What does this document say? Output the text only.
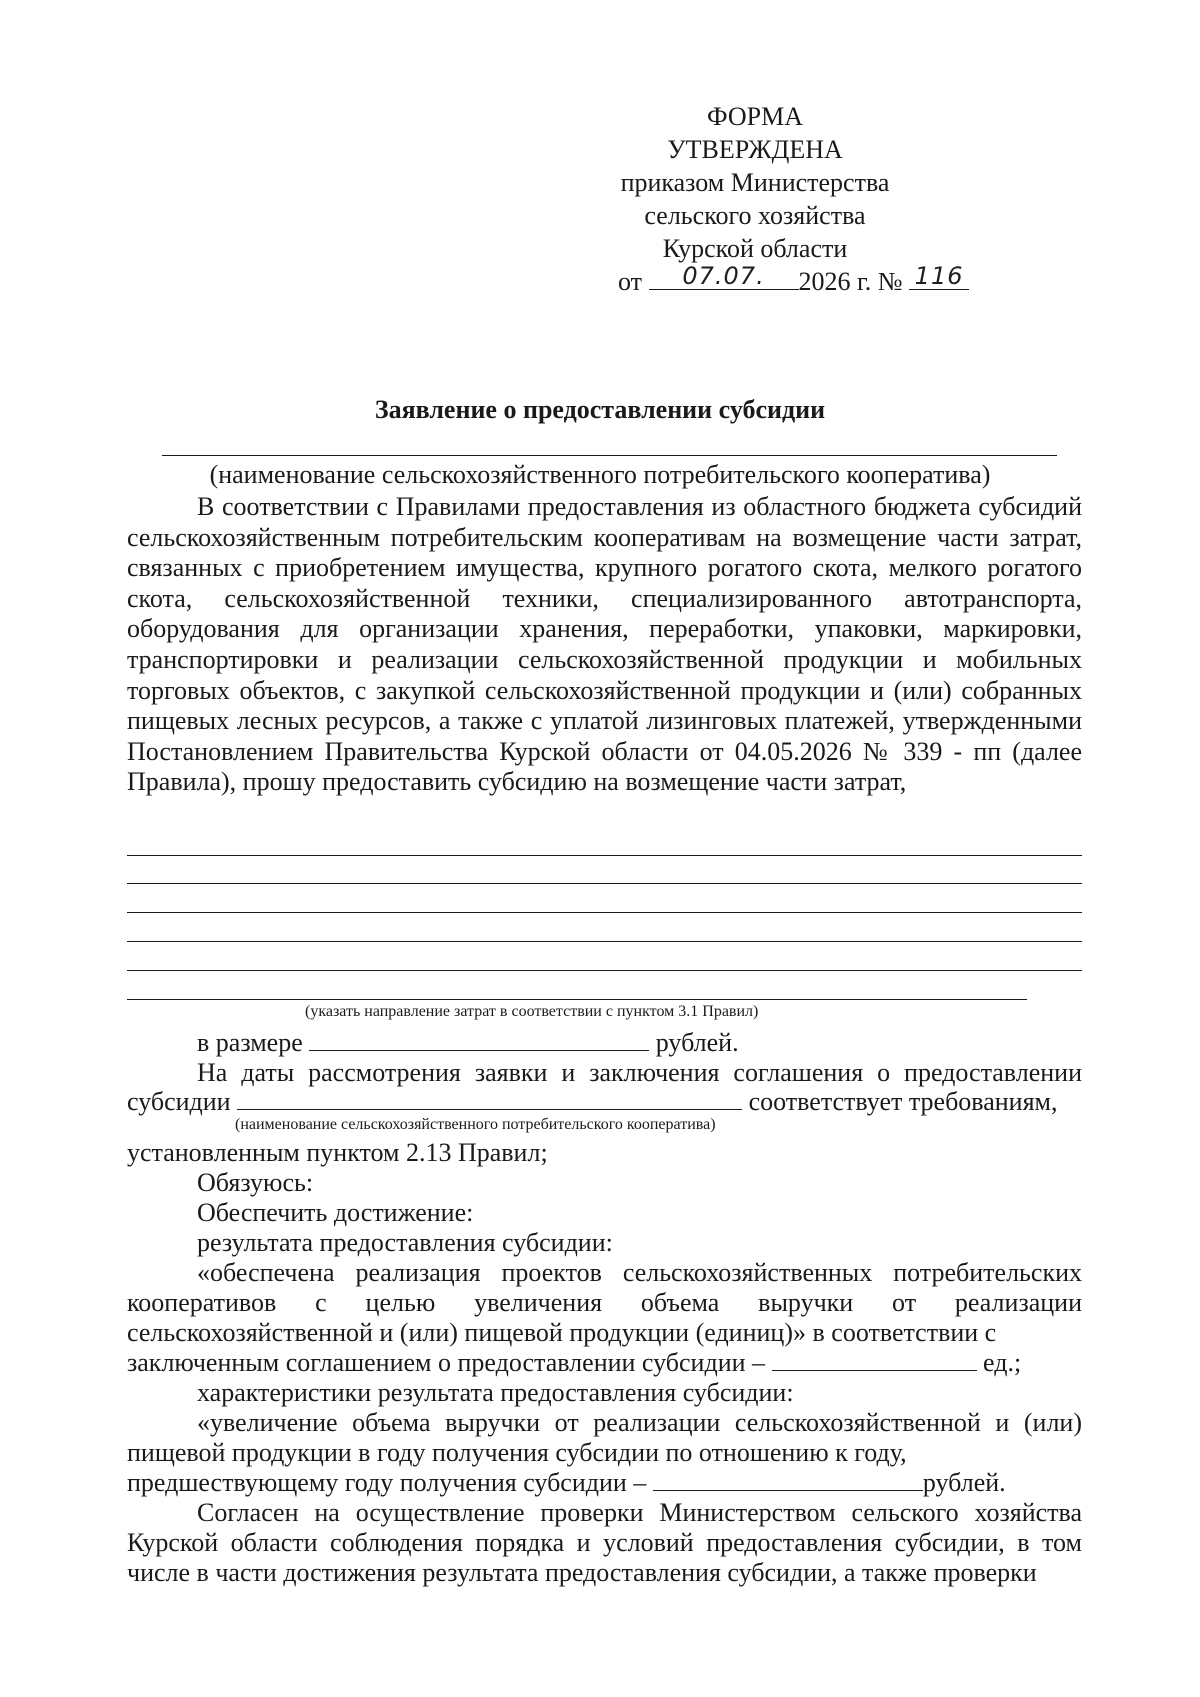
ФОРМА
УТВЕРЖДЕНА
приказом Министерства
сельского хозяйства
Курской области
от	07.07.	2026 г. № 116
Заявление о предоставлении субсидии
(наименование сельскохозяйственного потребительского кооператива)
В соответствии с Правилами предоставления из областного бюджета субсидий сельскохозяйственным потребительским кооперативам на возмещение части затрат, связанных с приобретением имущества, крупного рогатого скота, мелкого рогатого скота, сельскохозяйственной техники, специализированного автотранспорта, оборудования для организации хранения, переработки, упаковки, маркировки, транспортировки и реализации сельскохозяйственной продукции и мобильных торговых объектов, с закупкой сельскохозяйственной продукции и (или) собранных пищевых лесных ресурсов, а также с уплатой лизинговых платежей, утвержденными Постановлением Правительства Курской области от 04.05.2026 № 339 - пп (далее Правила), прошу предоставить субсидию на возмещение части затрат,
(указать направление затрат в соответствии с пунктом 3.1 Правил)
в размере	рублей.
На даты рассмотрения заявки и заключения соглашения о предоставлении
субсидии	соответствует требованиям,
(наименование сельскохозяйственного потребительского кооператива)
установленным пунктом 2.13 Правил;
Обязуюсь:
Обеспечить достижение:
результата предоставления субсидии:
«обеспечена реализация проектов сельскохозяйственных потребительских кооперативов с целью увеличения объема выручки от реализации сельскохозяйственной и (или) пищевой продукции (единиц)» в соответствии с
заключенным соглашением о предоставлении субсидии –	ед.;
характеристики результата предоставления субсидии:
«увеличение объема выручки от реализации сельскохозяйственной и (или) пищевой продукции в году получения субсидии по отношению к году,
предшествующему году получения субсидии –	рублей.
Согласен на осуществление проверки Министерством сельского хозяйства Курской области соблюдения порядка и условий предоставления субсидии, в том числе в части достижения результата предоставления субсидии, а также проверки
